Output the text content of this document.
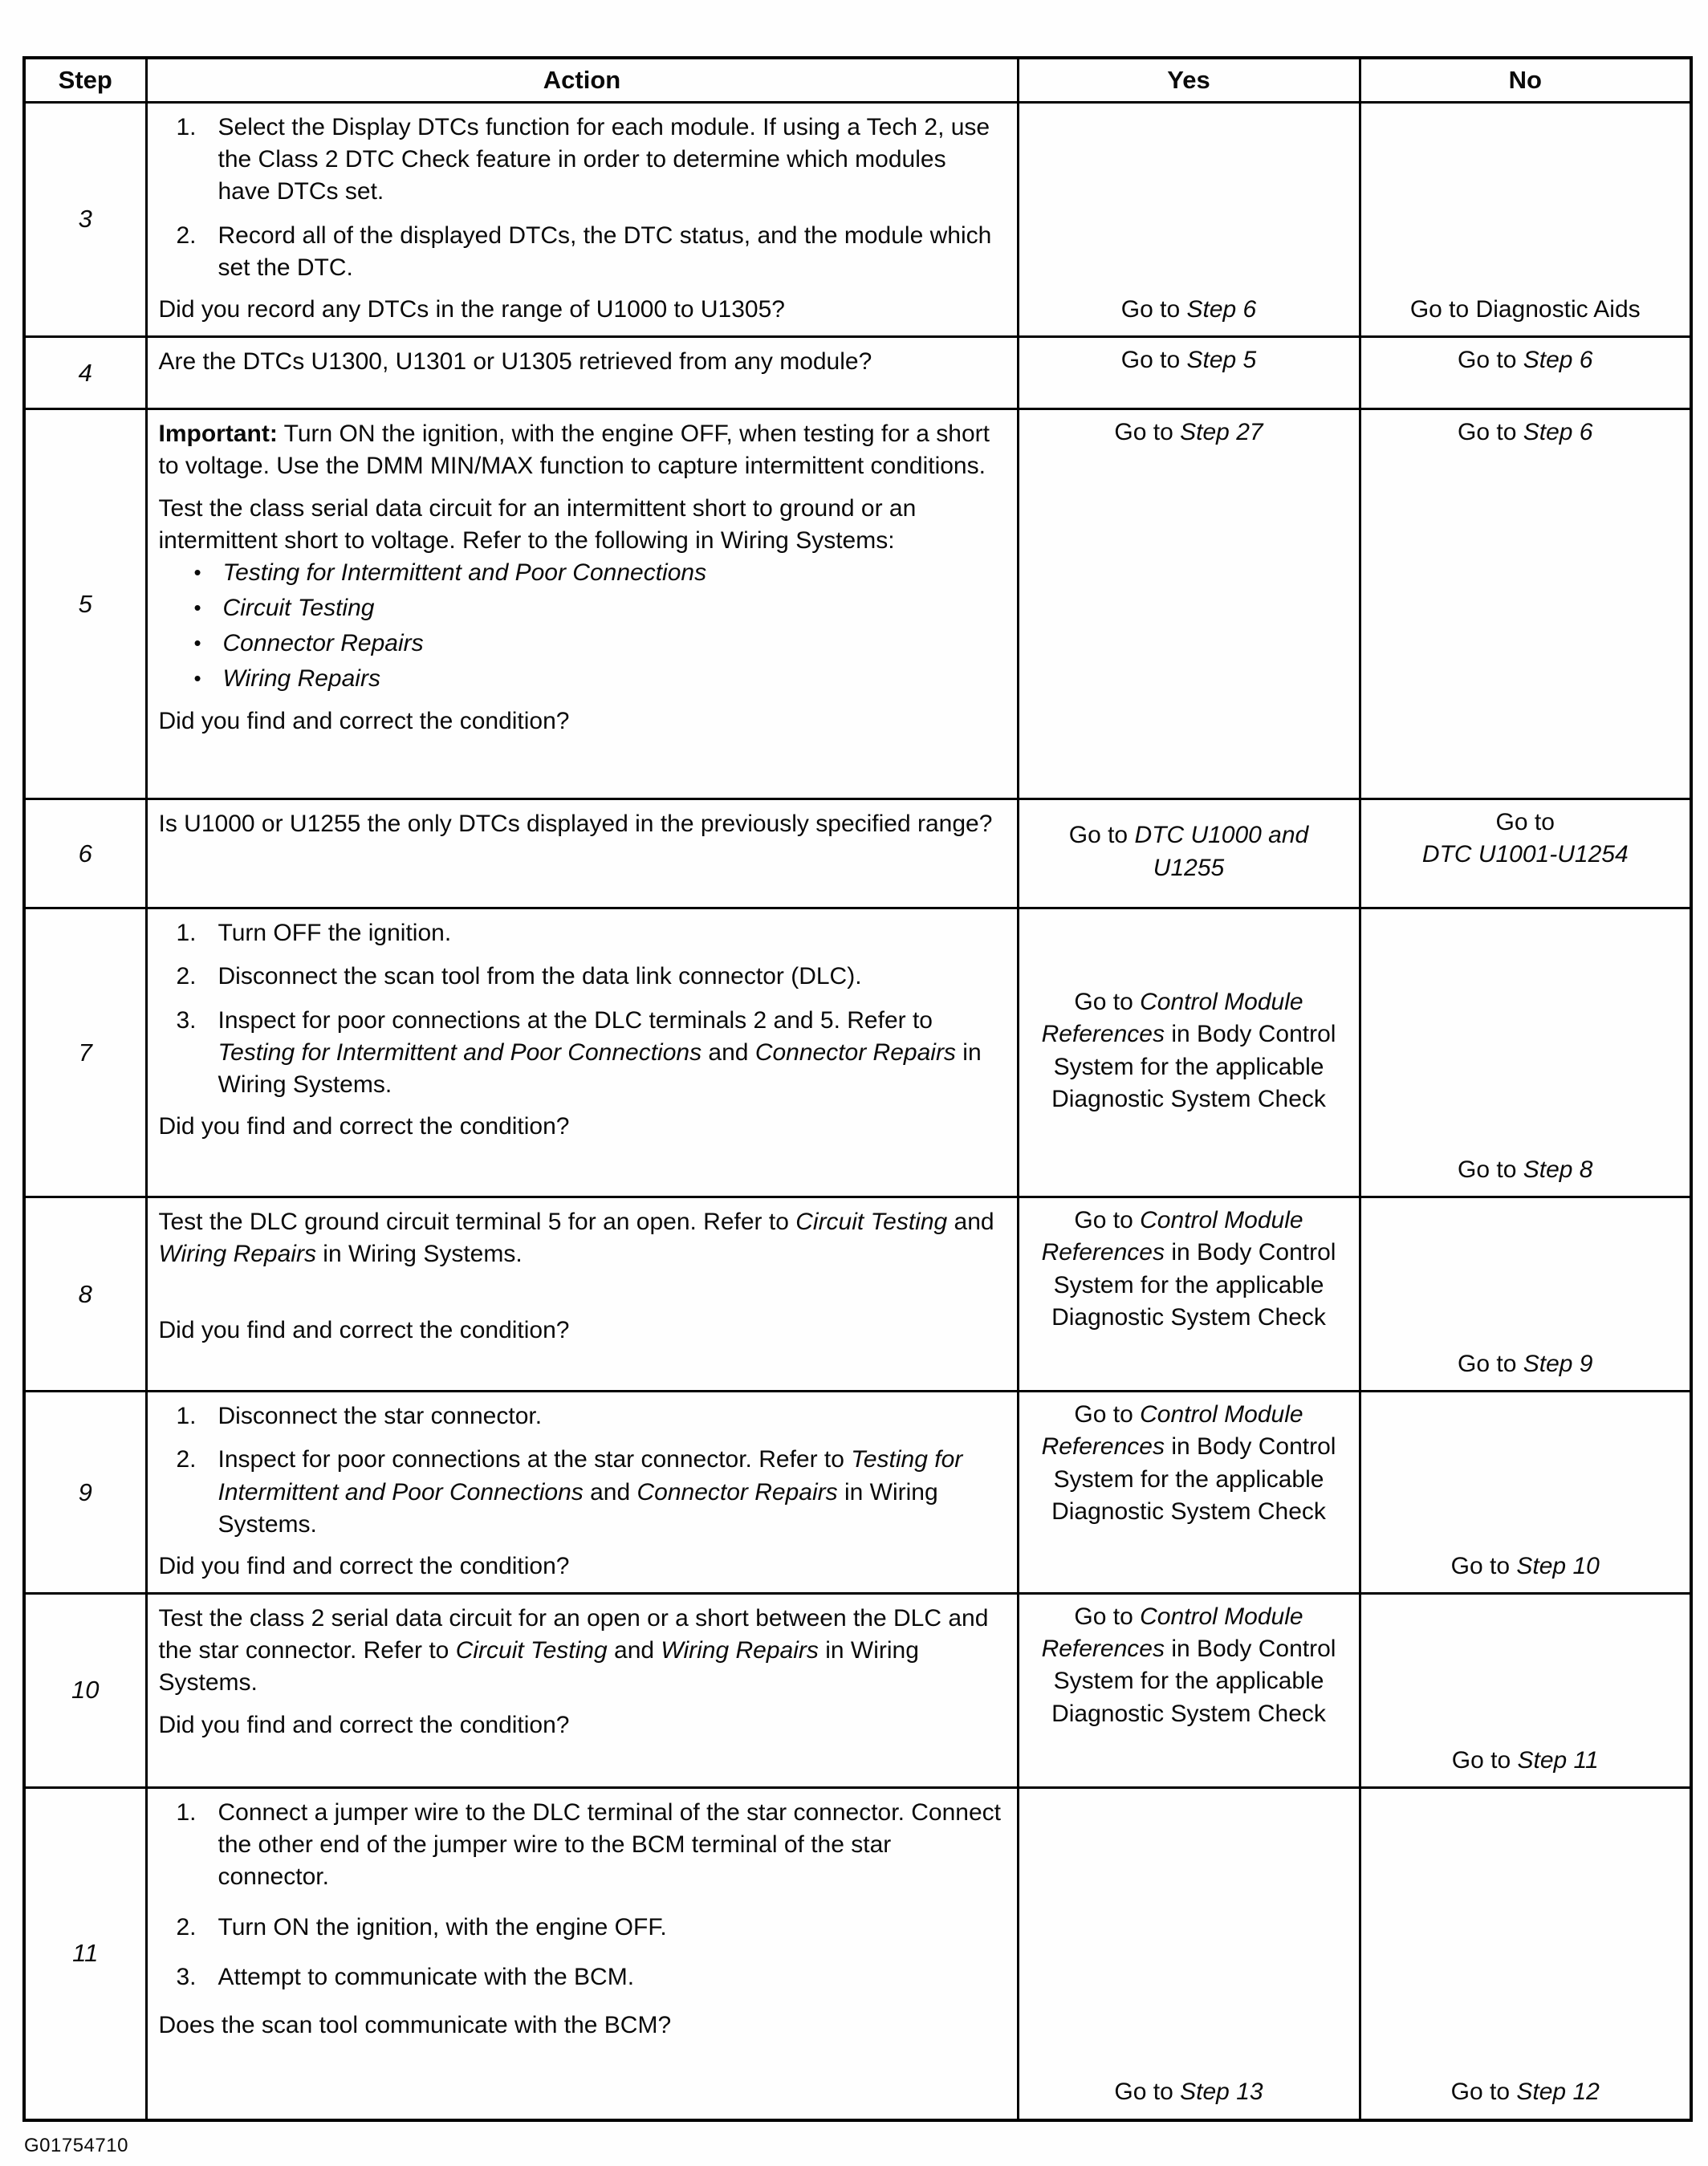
Step	Action	Yes	No
3	1. Select the Display DTCs function for each module. If using a Tech 2, use the Class 2 DTC Check feature in order to determine which modules have DTCs set.
2. Record all of the displayed DTCs, the DTC status, and the module which set the DTC.
Did you record any DTCs in the range of U1000 to U1305?	Go to Step 6	Go to Diagnostic Aids
4	Are the DTCs U1300, U1301 or U1305 retrieved from any module?	Go to Step 5	Go to Step 6
5	
Important: Turn ON the ignition, with the engine OFF, when testing for a short to voltage. Use the DMM MIN/MAX function to capture intermittent conditions.
Test the class serial data circuit for an intermittent short to ground or an intermittent short to voltage. Refer to the following in Wiring Systems:
• Testing for Intermittent and Poor Connections
• Circuit Testing
• Connector Repairs
• Wiring Repairs
Did you find and correct the condition?
	Go to Step 27	Go to Step 6
6	Is U1000 or U1255 the only DTCs displayed in the previously specified range?	Go to DTC U1000 and U1255	Go to
DTC U1001-U1254
7	
1. Turn OFF the ignition.
2. Disconnect the scan tool from the data link connector (DLC).
3. Inspect for poor connections at the DLC terminals 2 and 5. Refer to Testing for Intermittent and Poor Connections and Connector Repairs in Wiring Systems.
Did you find and correct the condition?
	Go to Control Module References in Body Control System for the applicable Diagnostic System Check	Go to Step 8
8	Test the DLC ground circuit terminal 5 for an open. Refer to Circuit Testing and Wiring Repairs in Wiring Systems.
Did you find and correct the condition?	Go to Control Module References in Body Control System for the applicable Diagnostic System Check	Go to Step 9
9	1. Disconnect the star connector.
2. Inspect for poor connections at the star connector. Refer to Testing for Intermittent and Poor Connections and Connector Repairs in Wiring Systems.
Did you find and correct the condition?	Go to Control Module References in Body Control System for the applicable Diagnostic System Check	Go to Step 10
10	Test the class 2 serial data circuit for an open or a short between the DLC and the star connector. Refer to Circuit Testing and Wiring Repairs in Wiring Systems.
Did you find and correct the condition?	Go to Control Module References in Body Control System for the applicable Diagnostic System Check	Go to Step 11
11	
1. Connect a jumper wire to the DLC terminal of the star connector. Connect the other end of the jumper wire to the BCM terminal of the star connector.
2. Turn ON the ignition, with the engine OFF.
3. Attempt to communicate with the BCM.
Does the scan tool communicate with the BCM?
	Go to Step 13	Go to Step 12
G01754710
